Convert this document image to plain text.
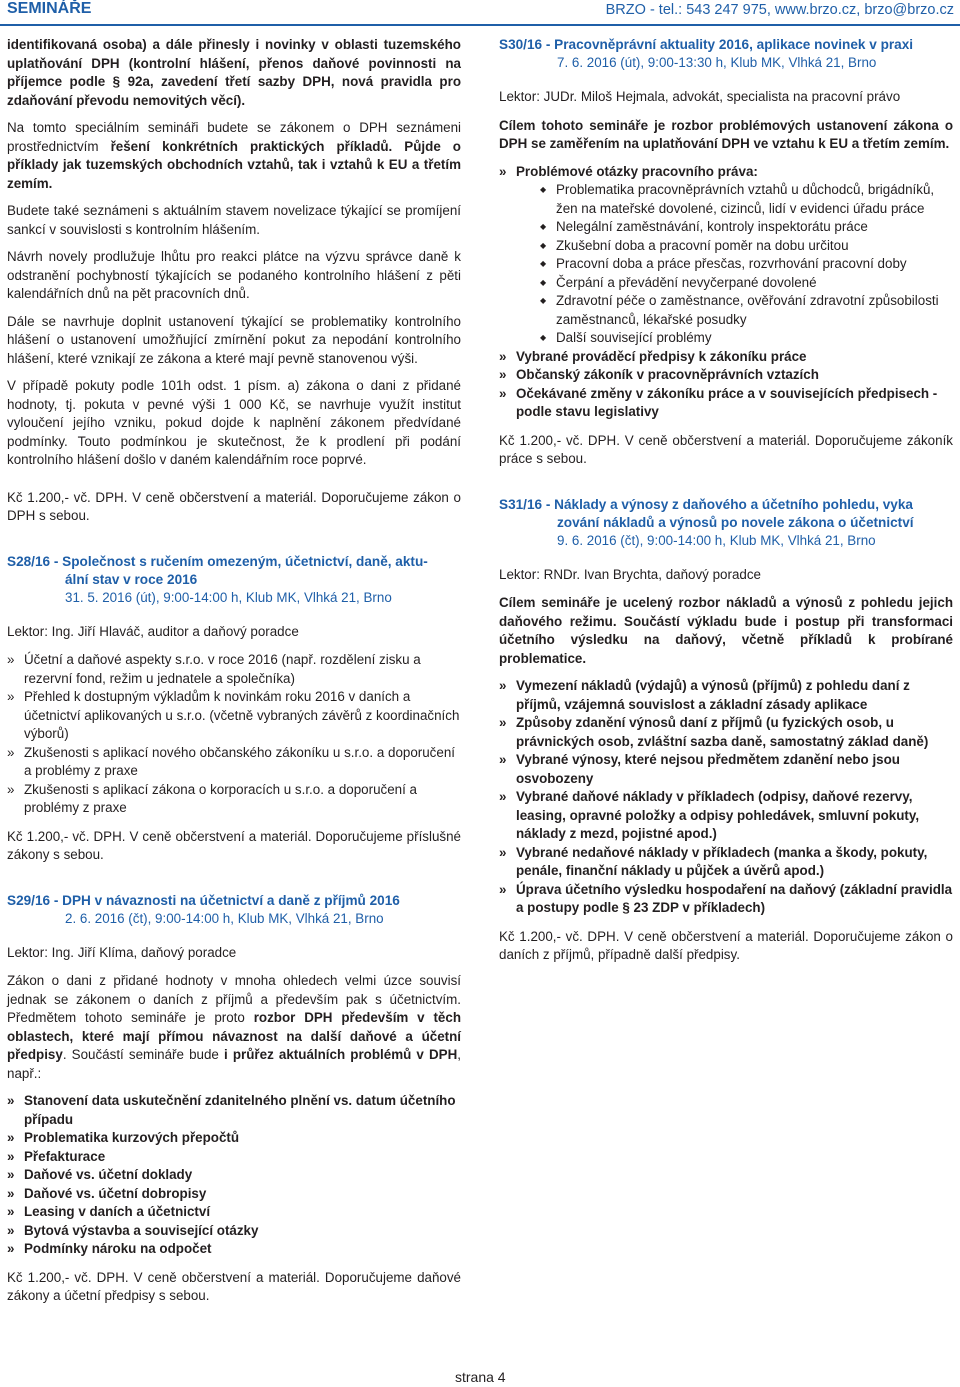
SEMINÁŘE	BRZO - tel.: 543 247 975, www.brzo.cz, brzo@brzo.cz

identifikovaná osoba) a dále přinesly i novinky v oblasti tuzemského uplatňování DPH (kontrolní hlášení, přenos daňové povinnosti na příjemce podle § 92a, zavedení třetí sazby DPH, nová pravidla pro zdaňování převodu nemovitých věcí).

Na tomto speciálním semináři budete se zákonem o DPH seznámeni prostřednictvím řešení konkrétních praktických příkladů. Půjde o příklady jak tuzemských obchodních vztahů, tak i vztahů k EU a třetím zemím.

Budete také seznámeni s aktuálním stavem novelizace týkající se promíjení sankcí v souvislosti s kontrolním hlášením.

Návrh novely prodlužuje lhůtu pro reakci plátce na výzvu správce daně k odstranění pochybností týkajících se podaného kontrolního hlášení z pěti kalendářních dnů na pět pracovních dnů.

Dále se navrhuje doplnit ustanovení týkající se problematiky kontrolního hlášení o ustanovení umožňující zmírnění pokut za nepodání kontrolního hlášení, které vznikají ze zákona a které mají pevně stanovenou výši.

V případě pokuty podle 101h odst. 1 písm. a) zákona o dani z přidané hodnoty, tj. pokuta v pevné výši 1 000 Kč, se navrhuje využít institut vyloučení jejího vzniku, pokud dojde k naplnění zákonem předvídané podmínky. Touto podmínkou je skutečnost, že k prodlení při podání kontrolního hlášení došlo v daném kalendářním roce poprvé.

Kč 1.200,- vč. DPH. V ceně občerstvení a materiál. Doporučujeme zákon o DPH s sebou.

S28/16 - Společnost s ručením omezeným, účetnictví, daně, aktu-
ální stav v roce 2016
31. 5. 2016 (út), 9:00-14:00 h, Klub MK, Vlhká 21, Brno
Lektor: Ing. Jiří Hlaváč, auditor a daňový poradce
» Účetní a daňové aspekty s.r.o. v roce 2016 (např. rozdělení zisku a rezervní fond, režim u jednatele a společníka)
» Přehled k dostupným výkladům k novinkám roku 2016 v daních a účetnictví aplikovaných u s.r.o. (včetně vybraných závěrů z koordinačních výborů)
» Zkušenosti s aplikací nového občanského zákoníku u s.r.o. a doporučení a problémy z praxe
» Zkušenosti s aplikací zákona o korporacích u s.r.o. a doporučení a problémy z praxe

Kč 1.200,- vč. DPH. V ceně občerstvení a materiál. Doporučujeme příslušné zákony s sebou.

S29/16 - DPH v návaznosti na účetnictví a daně z příjmů 2016
2. 6. 2016 (čt), 9:00-14:00 h, Klub MK, Vlhká 21, Brno
Lektor: Ing. Jiří Klíma, daňový poradce

Zákon o dani z přidané hodnoty v mnoha ohledech velmi úzce souvisí jednak se zákonem o daních z příjmů a především pak s účetnictvím. Předmětem tohoto semináře je proto rozbor DPH především v těch oblastech, které mají přímou návaznost na další daňové a účetní předpisy. Součástí semináře bude i průřez aktuálních problémů v DPH, např.:

» Stanovení data uskutečnění zdanitelného plnění vs. datum účetního případu
» Problematika kurzových přepočtů
» Přefakturace
» Daňové vs. účetní doklady
» Daňové vs. účetní dobropisy
» Leasing v daních a účetnictví
» Bytová výstavba a související otázky
» Podmínky nároku na odpočet

Kč 1.200,- vč. DPH. V ceně občerstvení a materiál. Doporučujeme daňové zákony a účetní předpisy s sebou.

S30/16 - Pracovněprávní aktuality 2016, aplikace novinek v praxi
7. 6. 2016 (út), 9:00-13:30 h, Klub MK, Vlhká 21, Brno
Lektor: JUDr. Miloš Hejmala, advokát, specialista na pracovní právo

Cílem tohoto semináře je rozbor problémových ustanovení zákona o DPH se zaměřením na uplatňování DPH ve vztahu k EU a třetím zemím.

» Problémové otázky pracovního práva:
◆ Problematika pracovněprávních vztahů u důchodců, brigádníků, žen na mateřské dovolené, cizinců, lidí v evidenci úřadu práce
◆ Nelegální zaměstnávání, kontroly inspektorátu práce
◆ Zkušební doba a pracovní poměr na dobu určitou
◆ Pracovní doba a práce přesčas, rozvrhování pracovní doby
◆ Čerpání a převádění nevyčerpané dovolené
◆ Zdravotní péče o zaměstnance, ověřování zdravotní způsobilosti zaměstnanců, lékařské posudky
◆ Další související problémy
» Vybrané prováděcí předpisy k zákoníku práce
» Občanský zákoník v pracovněprávních vztazích
» Očekávané změny v zákoníku práce a v souvisejících předpisech - podle stavu legislativy

Kč 1.200,- vč. DPH. V ceně občerstvení a materiál. Doporučujeme zákoník práce s sebou.

S31/16 - Náklady a výnosy z daňového a účetního pohledu, vyka
zování nákladů a výnosů po novele zákona o účetnictví
9. 6. 2016 (čt), 9:00-14:00 h, Klub MK, Vlhká 21, Brno
Lektor: RNDr. Ivan Brychta, daňový poradce

Cílem semináře je ucelený rozbor nákladů a výnosů z pohledu jejich daňového režimu. Součástí výkladu bude i postup při transformaci účetního výsledku na daňový, včetně příkladů k probírané problematice.

» Vymezení nákladů (výdajů) a výnosů (příjmů) z pohledu daní z příjmů, vzájemná souvislost a základní zásady aplikace
» Způsoby zdanění výnosů daní z příjmů (u fyzických osob, u právnických osob, zvláštní sazba daně, samostatný základ daně)
» Vybrané výnosy, které nejsou předmětem zdanění nebo jsou osvobozeny
» Vybrané daňové náklady v příkladech (odpisy, daňové rezervy, leasing, opravné položky a odpisy pohledávek, smluvní pokuty, náklady z mezd, pojistné apod.)
» Vybrané nedaňové náklady v příkladech (manka a škody, pokuty, penále, finanční náklady u půjček a úvěrů apod.)
» Úprava účetního výsledku hospodaření na daňový (základní pravidla a postupy podle § 23 ZDP v příkladech)

Kč 1.200,- vč. DPH. V ceně občerstvení a materiál. Doporučujeme zákon o daních z příjmů, případně další předpisy.

strana 4
